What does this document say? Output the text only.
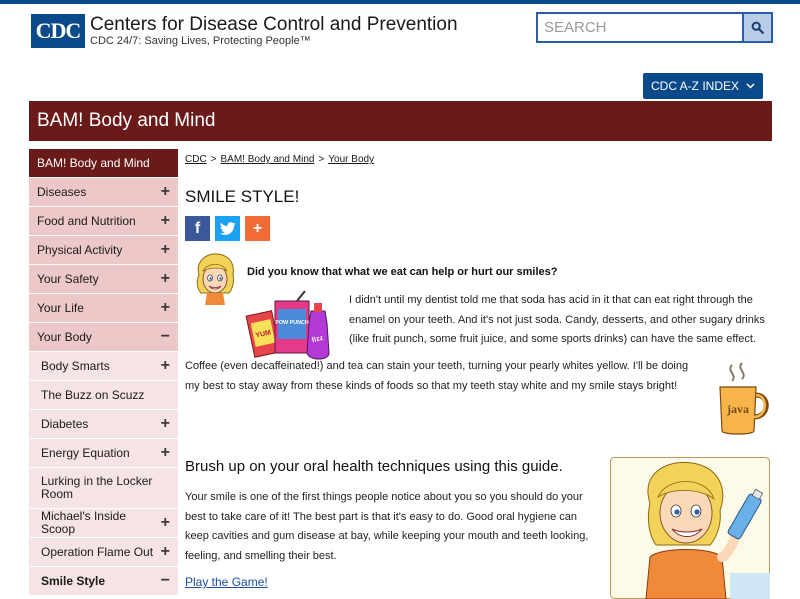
CDC Centers for Disease Control and Prevention
CDC 24/7: Saving Lives, Protecting People™
SEARCH
CDC A-Z INDEX
BAM! Body and Mind
BAM! Body and Mind
Diseases	+
Food and Nutrition +
Physical Activity +
Your Safety	+
Your Life	+
Your Body	−
Body Smarts	+
The Buzz on Scuzz
Diabetes	+
Energy Equation +
Lurking in the Locker Room
Michael's Inside Scoop	+
Operation Flame Out +
Smile Style	−
CDC > BAM! Body and Mind > Your Body
SMILE STYLE!
f	+
Did you know that what we eat can help or hurt our smiles?
YUM
POW PUNCH
fizz

I didn't until my dentist told me that soda has acid in it that can eat right through the enamel on your teeth. And it's not just soda. Candy, desserts, and other sugary drinks (like fruit punch, some fruit juice, and some sports drinks) can have the same effect.

Coffee (even decaffeinated!) and tea can stain your teeth, turning your pearly whites yellow. I'll be doing my best to stay away from these kinds of foods so that my teeth stay white and my smile stays bright!

java
Brush up on your oral health techniques using this guide.

Your smile is one of the first things people notice about you so you should do your best to take care of it! The best part is that it's easy to do. Good oral hygiene can keep cavities and gum disease at bay, while keeping your mouth and teeth looking, feeling, and smelling their best.

Play the Game!
